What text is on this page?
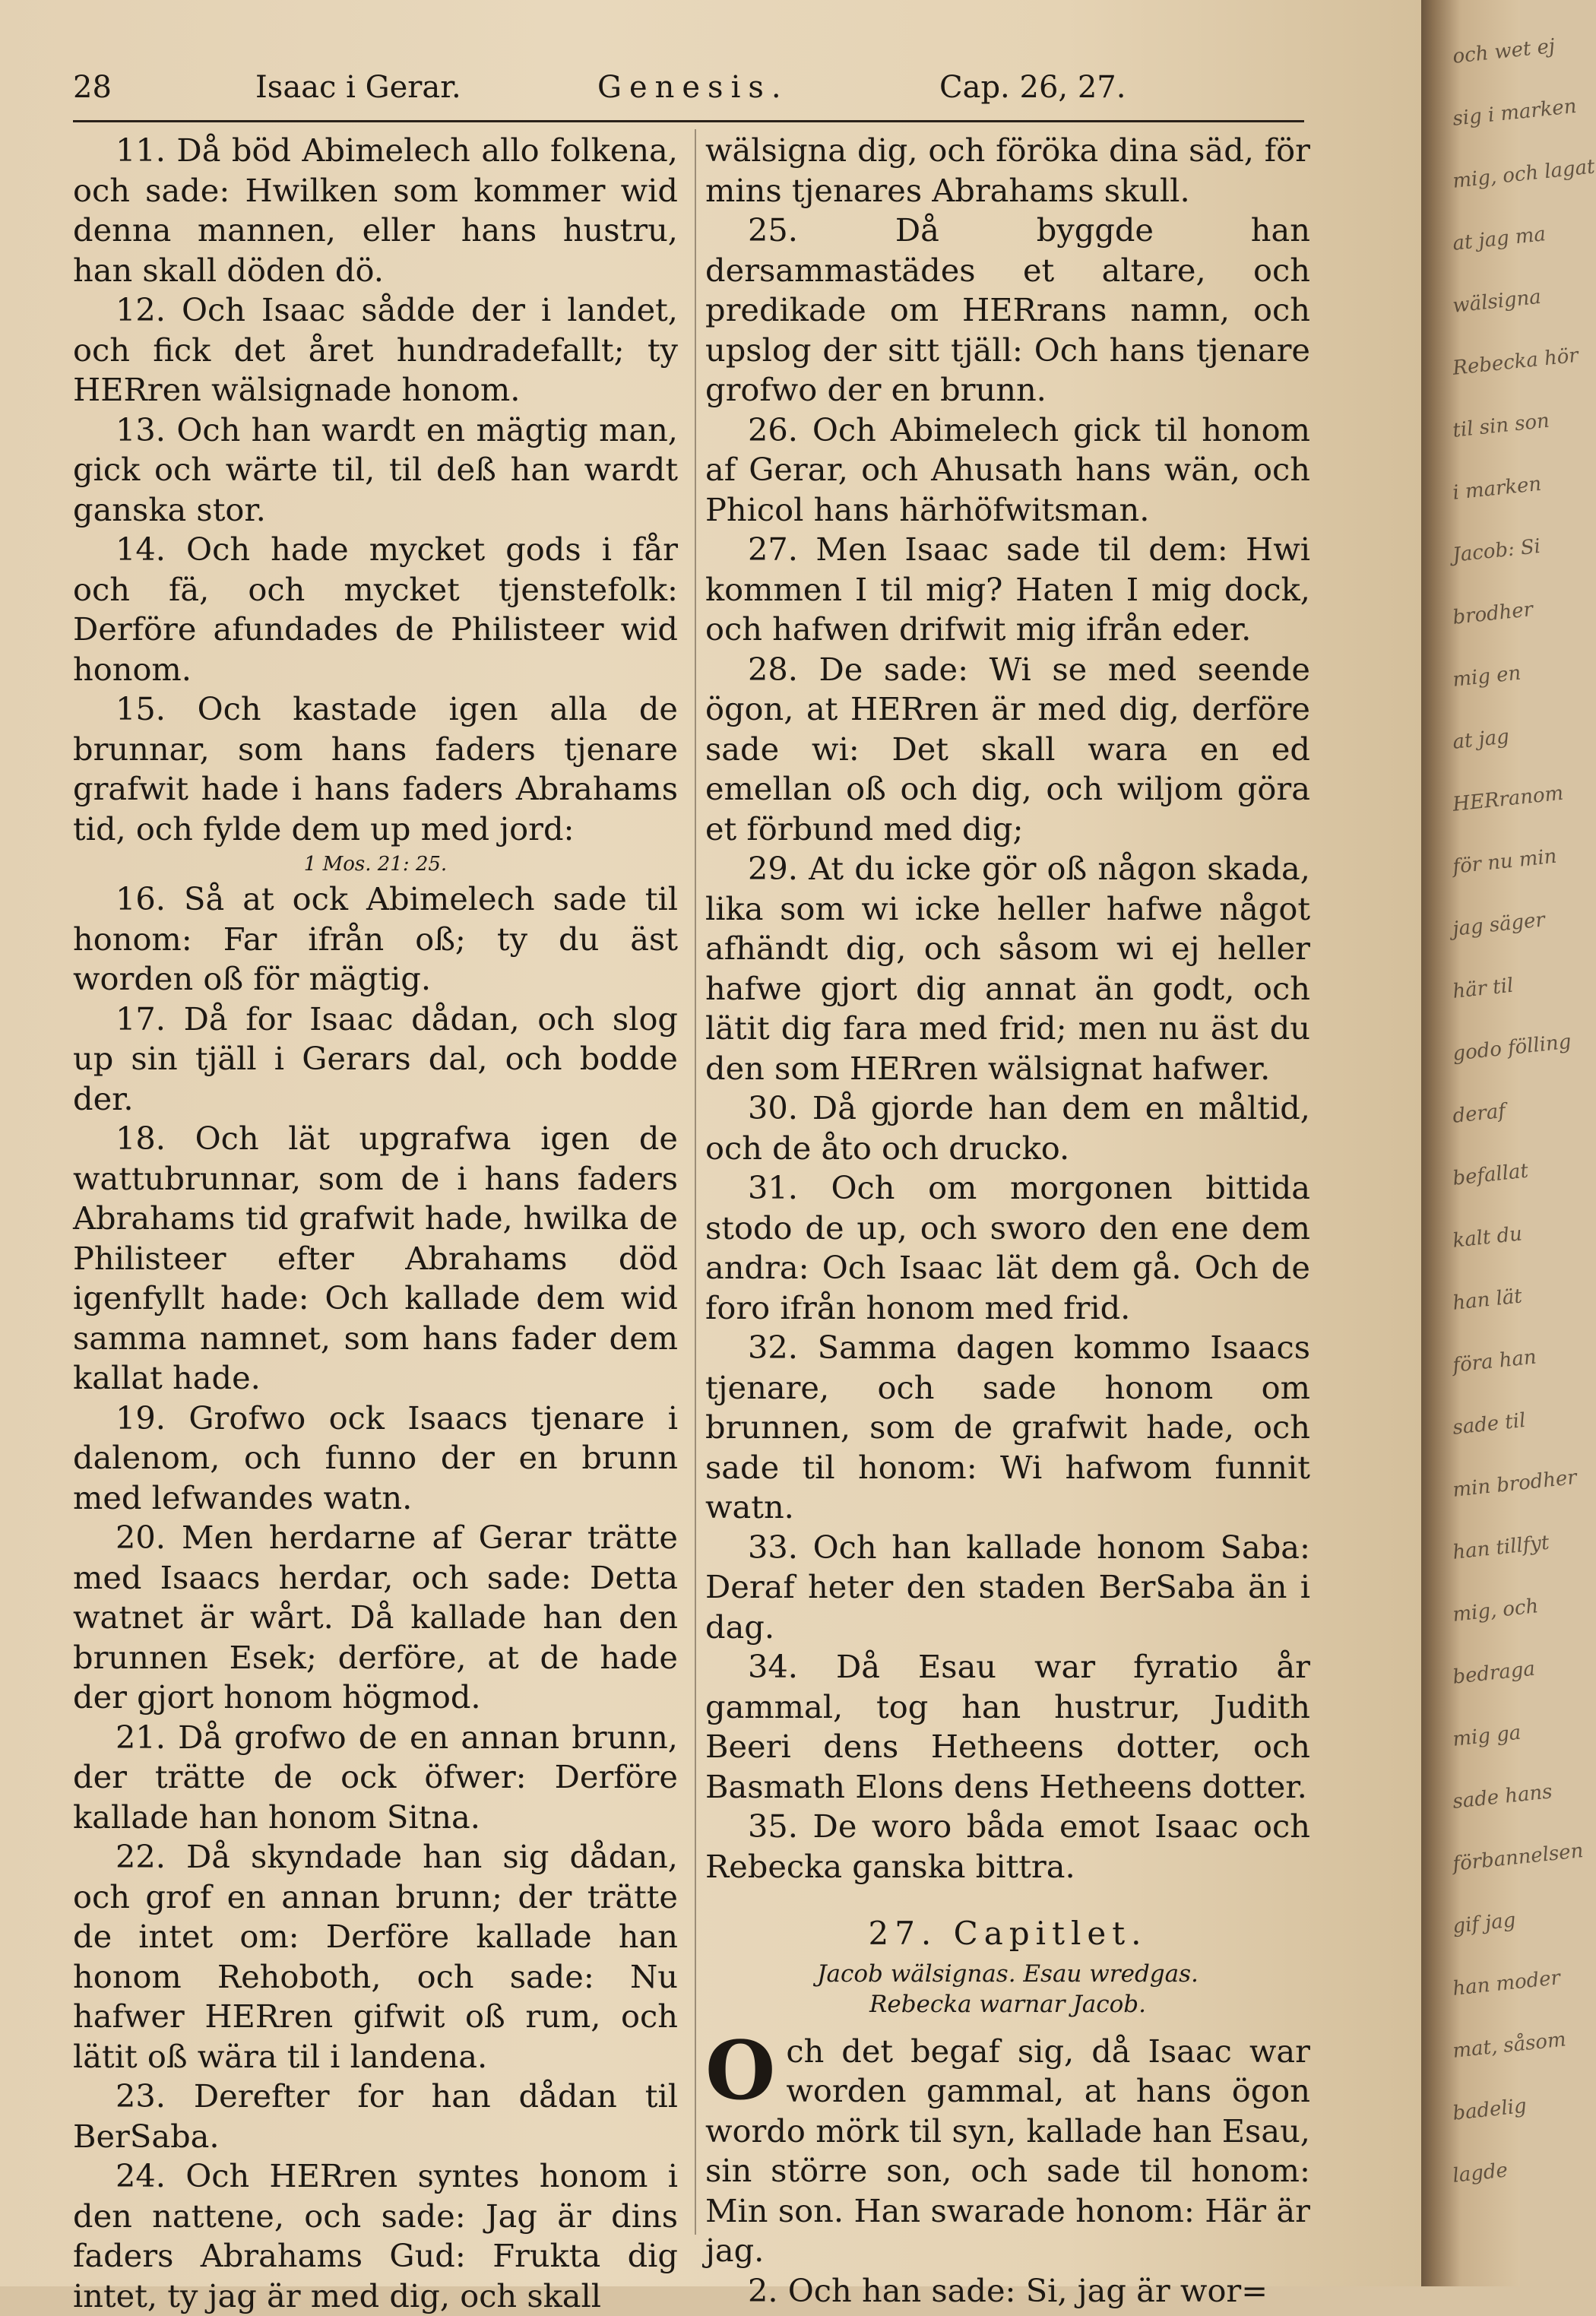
28	Isaac i Gerar.	Genesis.	Cap. 26, 27.

11. Då böd Abimelech allo folkena, och sade: Hwilken som kommer wid denna mannen, eller hans hustru, han skall döden dö.

12. Och Isaac sådde der i landet, och fick det året hundradefallt; ty HERren wälsignade honom.

13. Och han wardt en mägtig man, gick och wärte til, til deß han wardt ganska stor.

14. Och hade mycket gods i får och fä, och mycket tjenstefolk: Derföre afundades de Philisteer wid honom.

15. Och kastade igen alla de brunnar, som hans faders tjenare grafwit hade i hans faders Abrahams tid, och fylde dem up med jord:

1 Mos. 21: 25.

16. Så at ock Abimelech sade til honom: Far ifrån oß; ty du äst worden oß för mägtig.

17. Då for Isaac dådan, och slog up sin tjäll i Gerars dal, och bodde der.

18. Och lät upgrafwa igen de wattubrunnar, som de i hans faders Abrahams tid grafwit hade, hwilka de Philisteer efter Abrahams död igenfyllt hade: Och kallade dem wid samma namnet, som hans fader dem kallat hade.

19. Grofwo ock Isaacs tjenare i dalenom, och funno der en brunn med lefwandes watn.

20. Men herdarne af Gerar trätte med Isaacs herdar, och sade: Detta watnet är wårt. Då kallade han den brunnen Esek; derföre, at de hade der gjort honom högmod.

21. Då grofwo de en annan brunn, der trätte de ock öfwer: Derföre kallade han honom Sitna.

22. Då skyndade han sig dådan, och grof en annan brunn; der trätte de intet om: Derföre kallade han honom Rehoboth, och sade: Nu hafwer HERren gifwit oß rum, och lätit oß wära til i landena.

23. Derefter for han dådan til BerSaba.

24. Och HERren syntes honom i den nattene, och sade: Jag är dins faders Abrahams Gud: Frukta dig intet, ty jag är med dig, och skall

wälsigna dig, och föröka dina säd, för mins tjenares Abrahams skull.

25. Då byggde han dersammastädes et altare, och predikade om HERrans namn, och upslog der sitt tjäll: Och hans tjenare grofwo der en brunn.

26. Och Abimelech gick til honom af Gerar, och Ahusath hans wän, och Phicol hans härhöfwitsman.

27. Men Isaac sade til dem: Hwi kommen I til mig? Haten I mig dock, och hafwen drifwit mig ifrån eder.

28. De sade: Wi se med seende ögon, at HERren är med dig, derföre sade wi: Det skall wara en ed emellan oß och dig, och wiljom göra et förbund med dig;

29. At du icke gör oß någon skada, lika som wi icke heller hafwe något afhändt dig, och såsom wi ej heller hafwe gjort dig annat än godt, och lätit dig fara med frid; men nu äst du den som HERren wälsignat hafwer.

30. Då gjorde han dem en måltid, och de åto och drucko.

31. Och om morgonen bittida stodo de up, och sworo den ene dem andra: Och Isaac lät dem gå. Och de foro ifrån honom med frid.

32. Samma dagen kommo Isaacs tjenare, och sade honom om brunnen, som de grafwit hade, och sade til honom: Wi hafwom funnit watn.

33. Och han kallade honom Saba: Deraf heter den staden BerSaba än i dag.

34. Då Esau war fyratio år gammal, tog han hustrur, Judith Beeri dens Hetheens dotter, och Basmath Elons dens Hetheens dotter.

35. De woro båda emot Isaac och Rebecka ganska bittra.

27. Capitlet.

Jacob wälsignas. Esau wredgas.

Rebecka warnar Jacob.

O ch det begaf sig, då Isaac war worden gammal, at hans ögon wordo mörk til syn, kallade han Esau, sin större son, och sade til honom: Min son. Han swarade honom: Här är jag.

2. Och han sade: Si, jag är wor=

och wet ej
sig i marken
mig, och lagat
at jag ma
wälsigna
Rebecka hör
til sin son
i marken
Jacob: Si
brodher
mig en
at jag
HERranom
för nu min
jag säger
här til
godo fölling
deraf
befallat
kalt du
han lät
föra han
sade til
min brodher
han tillfyt
mig, och
bedraga
mig ga
sade hans
förbannelsen
gif jag
han moder
mat, såsom
badelig
lagde
